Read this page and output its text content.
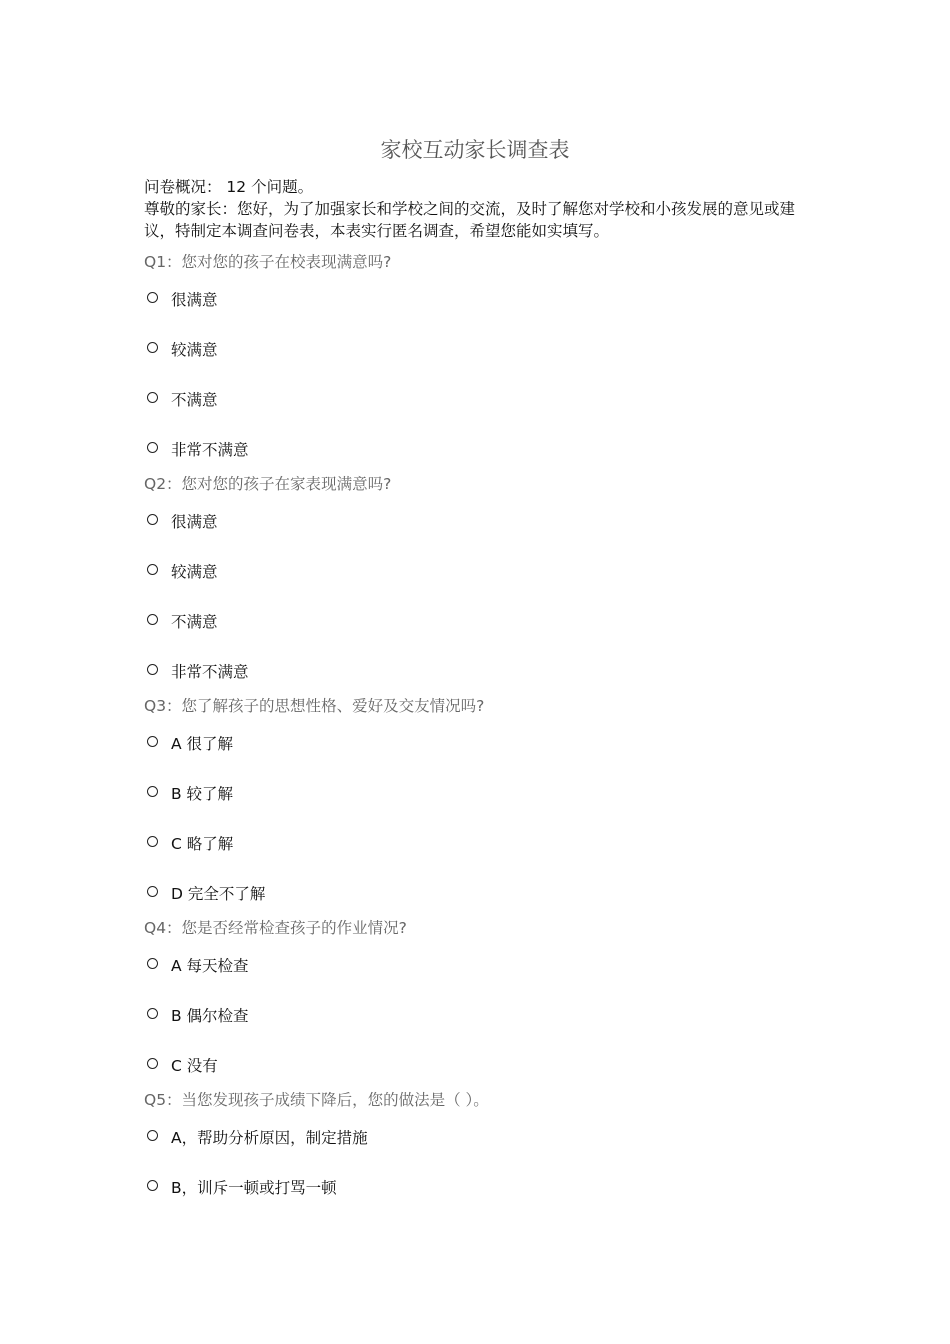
家校互动家长调查表

问卷概况： 12 个问题。

尊敬的家长：您好，为了加强家长和学校之间的交流，及时了解您对学校和小孩发展的意见或建议，特制定本调查问卷表，本表实行匿名调查，希望您能如实填写。

Q1：您对您的孩子在校表现满意吗?
很满意
较满意
不满意
非常不满意
Q2：您对您的孩子在家表现满意吗?
很满意
较满意
不满意
非常不满意
Q3：您了解孩子的思想性格、爱好及交友情况吗?
A 很了解
B 较了解
C 略了解
D 完全不了解
Q4：您是否经常检查孩子的作业情况?
A 每天检查
B 偶尔检查
C 没有
Q5：当您发现孩子成绩下降后，您的做法是（ ）。
A，帮助分析原因，制定措施
B，训斥一顿或打骂一顿
